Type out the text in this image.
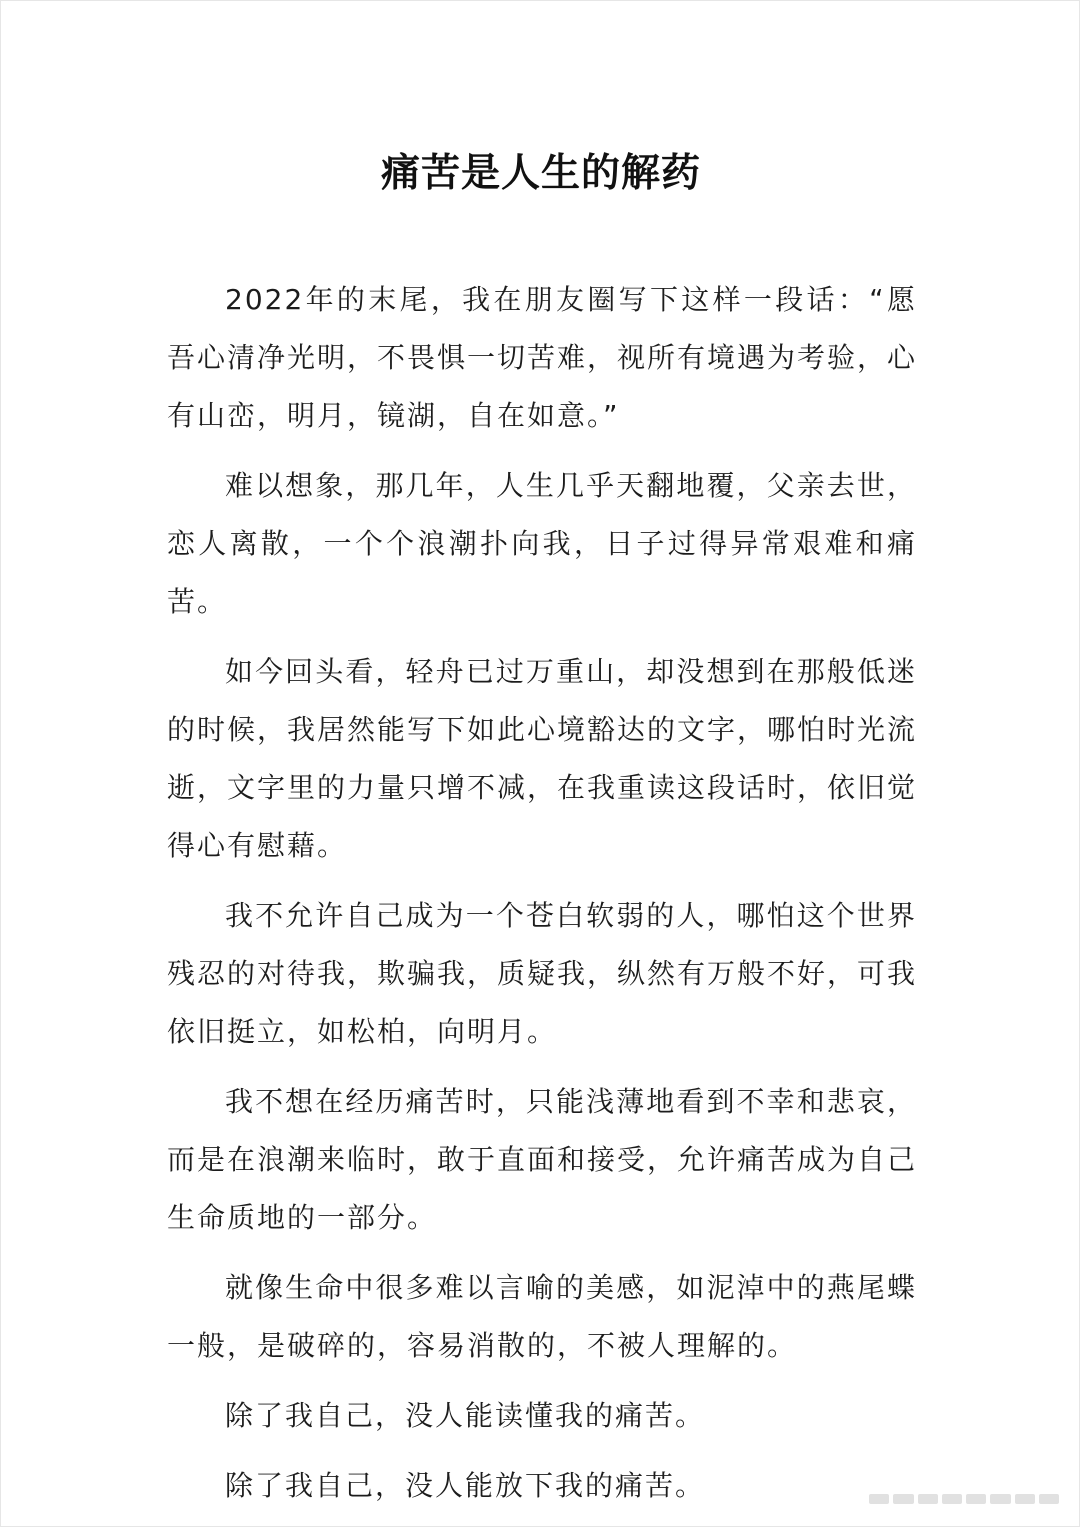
痛苦是人生的解药

2022年的末尾，我在朋友圈写下这样一段话：“愿吾心清净光明，不畏惧一切苦难，视所有境遇为考验，心有山峦，明月，镜湖，自在如意。”

难以想象，那几年，人生几乎天翻地覆，父亲去世，恋人离散，一个个浪潮扑向我，日子过得异常艰难和痛苦。

如今回头看，轻舟已过万重山，却没想到在那般低迷的时候，我居然能写下如此心境豁达的文字，哪怕时光流逝，文字里的力量只增不减，在我重读这段话时，依旧觉得心有慰藉。

我不允许自己成为一个苍白软弱的人，哪怕这个世界残忍的对待我，欺骗我，质疑我，纵然有万般不好，可我依旧挺立，如松柏，向明月。

我不想在经历痛苦时，只能浅薄地看到不幸和悲哀，而是在浪潮来临时，敢于直面和接受，允许痛苦成为自己生命质地的一部分。

就像生命中很多难以言喻的美感，如泥淖中的燕尾蝶一般，是破碎的，容易消散的，不被人理解的。

除了我自己，没人能读懂我的痛苦。

除了我自己，没人能放下我的痛苦。
